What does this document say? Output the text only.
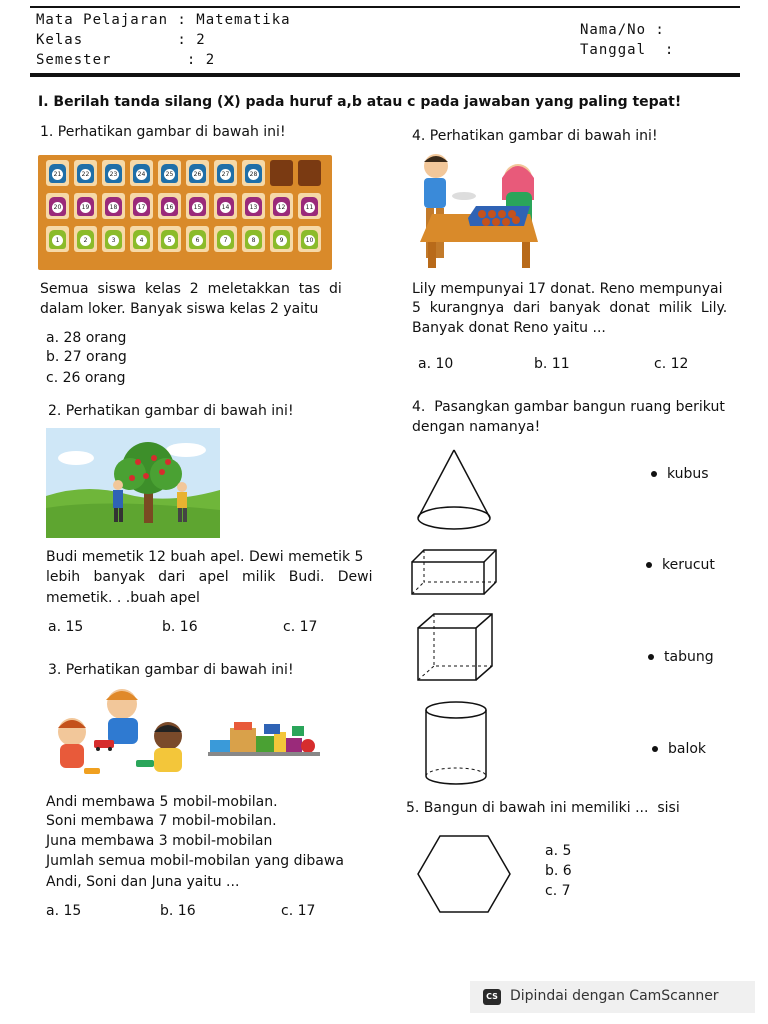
Mata Pelajaran : Matematika
Kelas          : 2
Semester        : 2
Nama/No :
Tanggal  :
I. Berilah tanda silang (X) pada huruf a,b atau c pada jawaban yang paling tepat!
1. Perhatikan gambar di bawah ini!
21	22	23	24	25	26	27	28
20	19	18	17	16	15	14	13	12	11
1	2	3	4	5	6	7	8	9	10
Semua  siswa  kelas  2  meletakkan  tas  di
dalam loker. Banyak siswa kelas 2 yaitu
a. 28 orang
b. 27 orang
c. 26 orang
2. Perhatikan gambar di bawah ini!
Budi memetik 12 buah apel. Dewi memetik 5
lebih   banyak   dari   apel   milik   Budi.   Dewi
memetik. . .buah apel
a. 15	b. 16	c. 17
3. Perhatikan gambar di bawah ini!
Andi membawa 5 mobil-mobilan.
Soni membawa 7 mobil-mobilan.
Juna membawa 3 mobil-mobilan
Jumlah semua mobil-mobilan yang dibawa
Andi, Soni dan Juna yaitu ...
a. 15	b. 16	c. 17
4. Perhatikan gambar di bawah ini!
Lily mempunyai 17 donat. Reno mempunyai
5  kurangnya  dari  banyak  donat  milik  Lily.
Banyak donat Reno yaitu ...
a. 10	b. 11	c. 12
4.  Pasangkan gambar bangun ruang berikut
dengan namanya!
kubus
kerucut
tabung
balok
5. Bangun di bawah ini memiliki ...  sisi
a. 5
b. 6
c. 7
CS Dipindai dengan CamScanner
